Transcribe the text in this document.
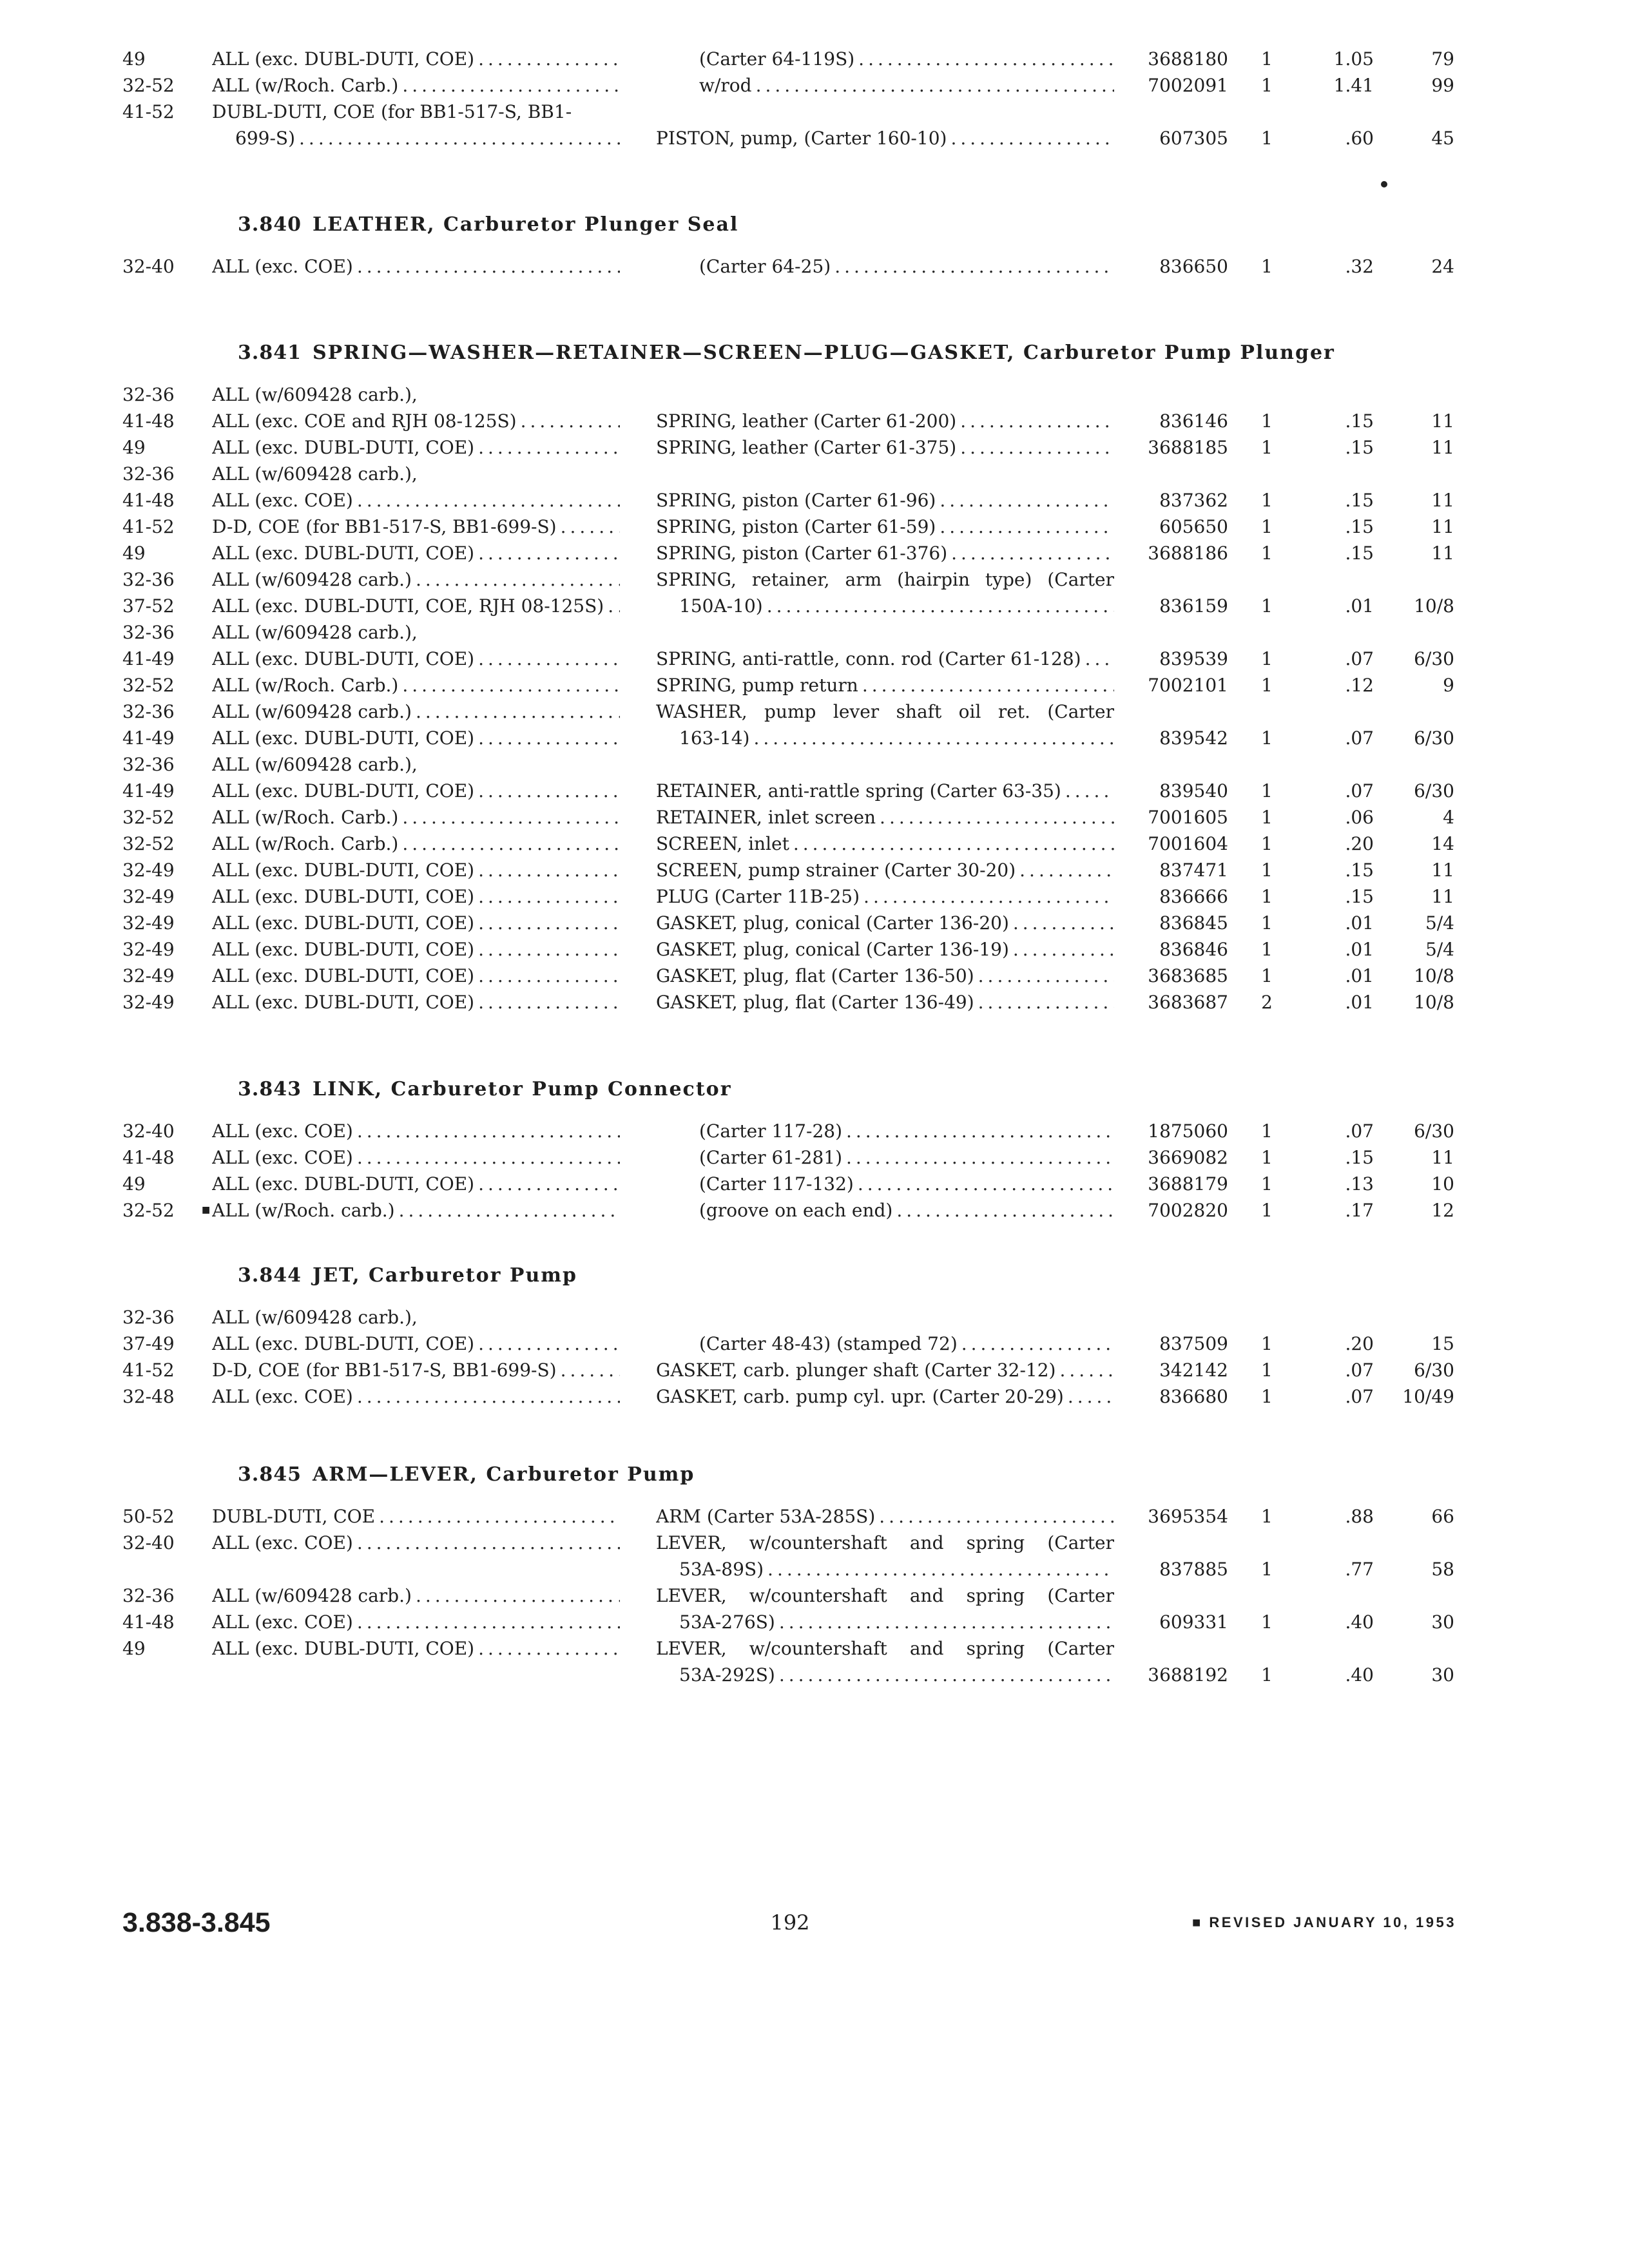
49	ALL (exc. DUBL-DUTI, COE) .....	(Carter 64-119S) .....	3688180	1	1.05	79
32-52 ALL (w/Roch. Carb.) .....	w/rod .....	7002091	1	1.41	99
41-52 DUBL-DUTI, COE (for BB1-517-S, BB1-
699-S) .....	PISTON, pump, (Carter 160-10) .....	607305	1	.60	45
3.840 LEATHER, Carburetor Plunger Seal
32-40 ALL (exc. COE) .....	(Carter 64-25) .....	836650	1	.32	24
3.841 SPRING—WASHER—RETAINER—SCREEN—PLUG—GASKET, Carburetor Pump Plunger
32-36 ALL (w/609428 carb.),
41-48 ALL (exc. COE and RJH 08-125S) .....	SPRING, leather (Carter 61-200) .....	836146	1	.15	11
49	ALL (exc. DUBL-DUTI, COE) .....	SPRING, leather (Carter 61-375) .....	3688185	1	.15	11
32-36 ALL (w/609428 carb.),
41-48 ALL (exc. COE) .....	SPRING, piston (Carter 61-96) .....	837362	1	.15	11
41-52 D-D, COE (for BB1-517-S, BB1-699-S) .....	SPRING, piston (Carter 61-59) .....	605650	1	.15	11
49	ALL (exc. DUBL-DUTI, COE) .....	SPRING, piston (Carter 61-376) .....	3688186	1	.15	11
32-36 ALL (w/609428 carb.) .....	SPRING, retainer, arm (hairpin type) (Carter
37-52 ALL (exc. DUBL-DUTI, COE, RJH 08-125S) .....	150A-10) .....	836159	1	.01 10/8
32-36 ALL (w/609428 carb.),
41-49 ALL (exc. DUBL-DUTI, COE) .....	SPRING, anti-rattle, conn. rod (Carter 61-128) .....	839539	1	.07 6/30
32-52 ALL (w/Roch. Carb.) .....	SPRING, pump return .....	7002101	1	.12	9
32-36 ALL (w/609428 carb.) .....	WASHER, pump lever shaft oil ret. (Carter
41-49 ALL (exc. DUBL-DUTI, COE) .....	163-14) .....	839542	1	.07 6/30
32-36 ALL (w/609428 carb.),
41-49 ALL (exc. DUBL-DUTI, COE) .....	RETAINER, anti-rattle spring (Carter 63-35) .....	839540	1	.07 6/30
32-52 ALL (w/Roch. Carb.) .....	RETAINER, inlet screen .....	7001605	1	.06	4
32-52 ALL (w/Roch. Carb.) .....	SCREEN, inlet .....	7001604	1	.20	14
32-49 ALL (exc. DUBL-DUTI, COE) .....	SCREEN, pump strainer (Carter 30-20) .....	837471	1	.15	11
32-49 ALL (exc. DUBL-DUTI, COE) .....	PLUG (Carter 11B-25) .....	836666	1	.15	11
32-49 ALL (exc. DUBL-DUTI, COE) .....	GASKET, plug, conical (Carter 136-20) .....	836845	1	.01	5/4
32-49 ALL (exc. DUBL-DUTI, COE) .....	GASKET, plug, conical (Carter 136-19) .....	836846	1	.01	5/4
32-49 ALL (exc. DUBL-DUTI, COE) .....	GASKET, plug, flat (Carter 136-50) .....	3683685	1	.01 10/8
32-49 ALL (exc. DUBL-DUTI, COE) .....	GASKET, plug, flat (Carter 136-49) .....	3683687	2	.01 10/8
3.843 LINK, Carburetor Pump Connector
32-40 ALL (exc. COE) .....	(Carter 117-28) .....	1875060	1	.07 6/30
41-48 ALL (exc. COE) .....	(Carter 61-281) .....	3669082	1	.15	11
49	ALL (exc. DUBL-DUTI, COE) .....	(Carter 117-132) .....	3688179	1	.13	10
32-52	■ ALL (w/Roch. carb.) .....	(groove on each end) .....	7002820	1	.17	12
3.844 JET, Carburetor Pump
32-36 ALL (w/609428 carb.),
37-49 ALL (exc. DUBL-DUTI, COE) .....	(Carter 48-43) (stamped 72) .....	837509	1	.20	15
41-52 D-D, COE (for BB1-517-S, BB1-699-S) .....	GASKET, carb. plunger shaft (Carter 32-12) .....	342142	1	.07 6/30
32-48 ALL (exc. COE) .....	GASKET, carb. pump cyl. upr. (Carter 20-29) .....	836680	1	.07 10/49
3.845 ARM—LEVER, Carburetor Pump
50-52 DUBL-DUTI, COE .....	ARM (Carter 53A-285S) .....	3695354	1	.88	66
32-40 ALL (exc. COE) .....	LEVER, w/countershaft and spring (Carter
53A-89S) .....	837885	1	.77	58
32-36 ALL (w/609428 carb.) .....	LEVER, w/countershaft and spring (Carter
41-48 ALL (exc. COE) .....	53A-276S) .....	609331	1	.40	30
49	ALL (exc. DUBL-DUTI, COE) .....	LEVER, w/countershaft and spring (Carter
53A-292S) .....	3688192	1	.40	30
3.838-3.845	192	■ REVISED JANUARY 10, 1953
